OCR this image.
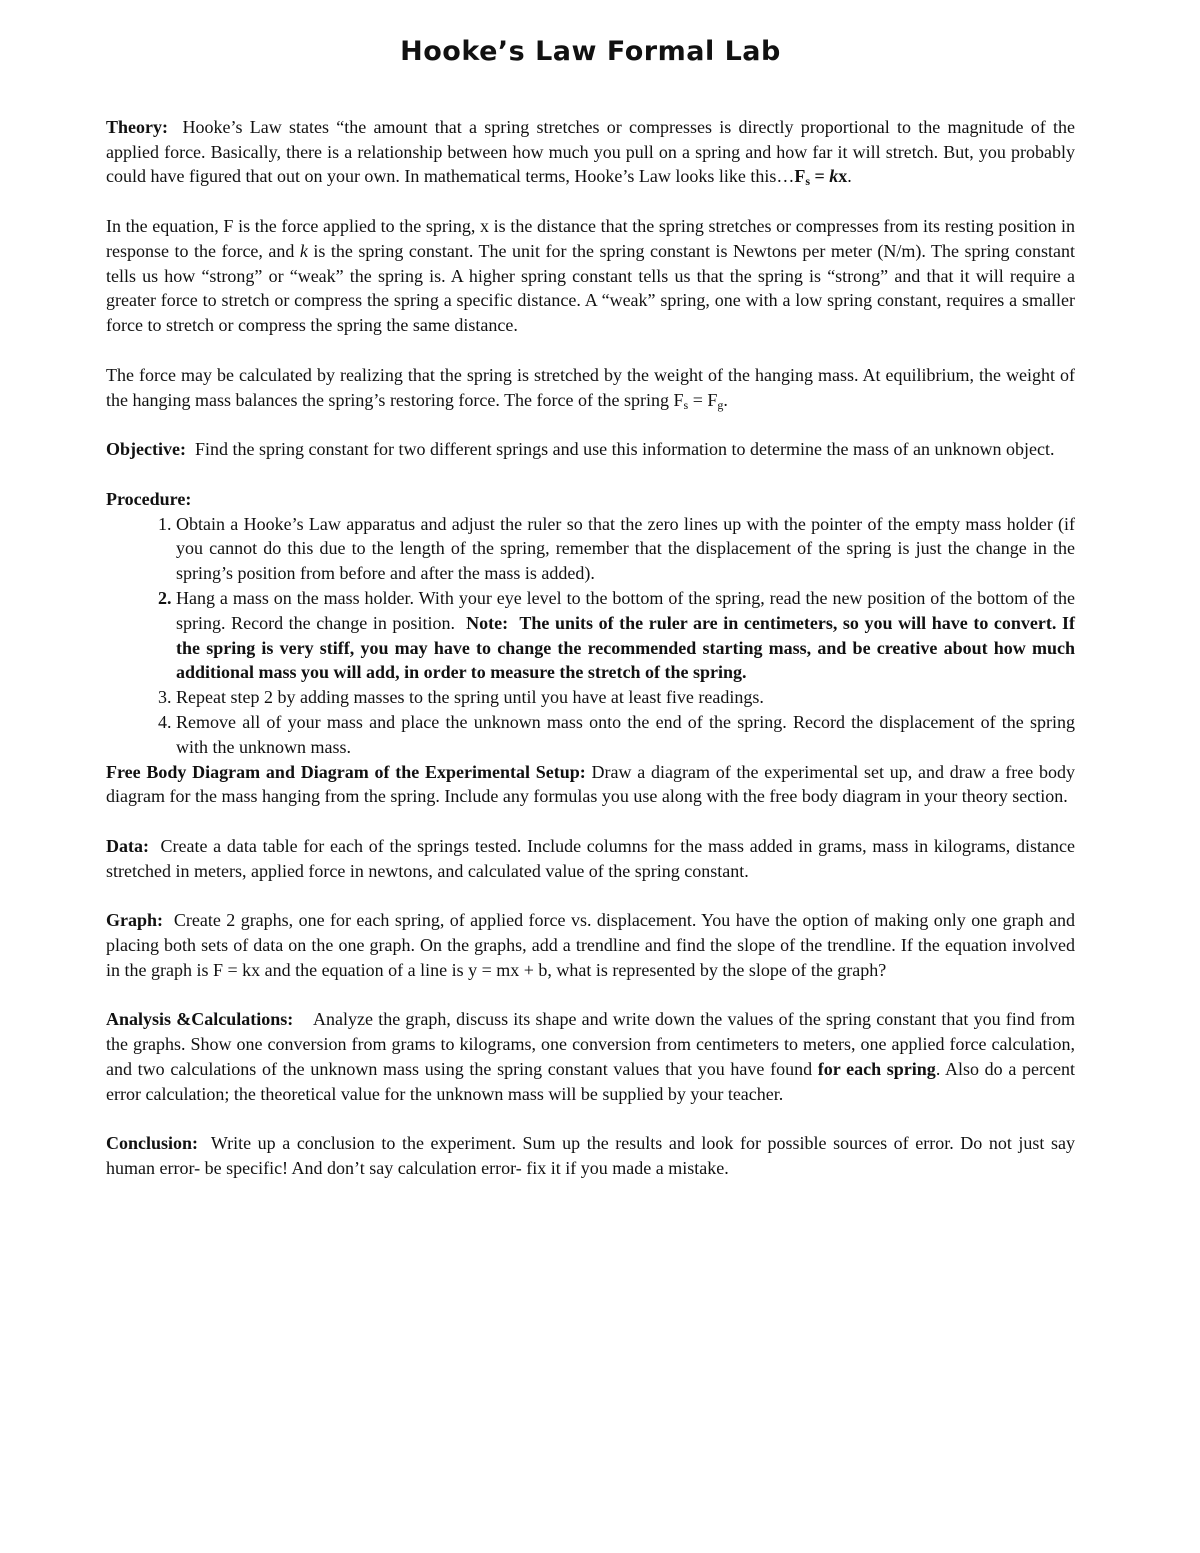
Hooke’s Law Formal Lab

Theory: Hooke’s Law states “the amount that a spring stretches or compresses is directly proportional to the magnitude of the applied force. Basically, there is a relationship between how much you pull on a spring and how far it will stretch. But, you probably could have figured that out on your own. In mathematical terms, Hooke’s Law looks like $this\dots F_s$ = kx.

In the equation, F is the force applied to the spring, x is the distance that the spring stretches or compresses from its resting position in response to the force, and k is the spring constant. The unit for the spring constant is Newtons per meter (N/m). The spring constant tells us how “strong” or “weak” the spring is. A higher spring constant tells us that the spring is “strong” and that it will require a greater force to stretch or compress the spring a specific distance. A “weak” spring, one with a low spring constant, requires a smaller force to stretch or compress the spring the same distance.

The force may be calculated by realizing that the spring is stretched by the weight of the hanging mass. At equilibrium, the weight of the hanging mass balances the spring’s restoring force. The force of the spring $F_s = F_g$.

Objective: Find the spring constant for two different springs and use this information to determine the mass of an unknown object.

Procedure:

1. Obtain a Hooke’s Law apparatus and adjust the ruler so that the zero lines up with the pointer of the empty mass holder (if you cannot do this due to the length of the spring, remember that the displacement of the spring is just the change in the spring’s position from before and after the mass is added).
2. Hang a mass on the mass holder. With your eye level to the bottom of the spring, read the new position of the bottom of the spring. Record the change in position. Note: The units of the ruler are in centimeters, so you will have to convert. If the spring is very stiff, you may have to change the recommended starting mass, and be creative about how much additional mass you will add, in order to measure the stretch of the spring.
3. Repeat step 2 by adding masses to the spring until you have at least five readings.
4. Remove all of your mass and place the unknown mass onto the end of the spring. Record the displacement of the spring with the unknown mass.

Free Body Diagram and Diagram of the Experimental Setup: Draw a diagram of the experimental set up, and draw a free body diagram for the mass hanging from the spring. Include any formulas you use along with the free body diagram in your theory section.

Data: Create a data table for each of the springs tested. Include columns for the mass added in grams, mass in kilograms, distance stretched in meters, applied force in newtons, and calculated value of the spring constant.

Graph: Create 2 graphs, one for each spring, of applied force vs. displacement. You have the option of making only one graph and placing both sets of data on the one graph. On the graphs, add a trendline and find the slope of the trendline. If the equation involved in the graph is F = kx and the equation of a line is y = mx + b, what is represented by the slope of the graph?

Analysis &Calculations: Analyze the graph, discuss its shape and write down the values of the spring constant that you find from the graphs. Show one conversion from grams to kilograms, one conversion from centimeters to meters, one applied force calculation, and two calculations of the unknown mass using the spring constant values that you have found for each spring. Also do a percent error calculation; the theoretical value for the unknown mass will be supplied by your teacher.

Conclusion: Write up a conclusion to the experiment. Sum up the results and look for possible sources of error. Do not just say human error- be specific! And don’t say calculation error- fix it if you made a mistake.
